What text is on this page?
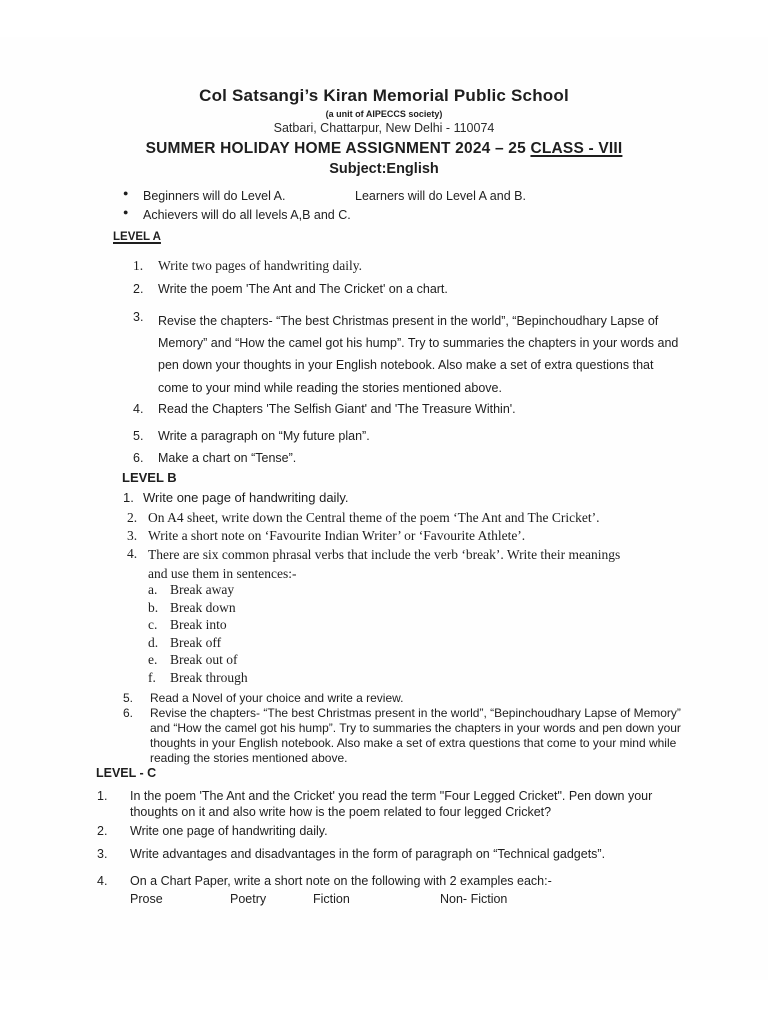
Col Satsangi’s Kiran Memorial Public School
(a unit of AIPECCS society)
Satbari, Chattarpur, New Delhi - 110074
SUMMER HOLIDAY HOME ASSIGNMENT 2024 – 25 CLASS - VIII
Subject:English
● Beginners will do Level A.	Learners will do Level A and B.
● Achievers will do all levels A,B and C.
LEVEL A
1. Write two pages of handwriting daily.
2. Write the poem 'The Ant and The Cricket' on a chart.
3. Revise the chapters- “The best Christmas present in the world”, “Bepinchoudhary Lapse of Memory” and “How the camel got his hump”. Try to summaries the chapters in your words and pen down your thoughts in your English notebook. Also make a set of extra questions that come to your mind while reading the stories mentioned above.
4. Read the Chapters 'The Selfish Giant' and 'The Treasure Within'.
5. Write a paragraph on “My future plan”.
6. Make a chart on “Tense”.
LEVEL B
1. Write one page of handwriting daily.
2. On A4 sheet, write down the Central theme of the poem ‘The Ant and The Cricket’.
3. Write a short note on ‘Favourite Indian Writer’ or ‘Favourite Athlete’.
4. There are six common phrasal verbs that include the verb ‘break’. Write their meanings and use them in sentences:-
a. Break away
b. Break down
c. Break into
d. Break off
e. Break out of
f. Break through
5. Read a Novel of your choice and write a review.
6. Revise the chapters- “The best Christmas present in the world”, “Bepinchoudhary Lapse of Memory” and “How the camel got his hump”. Try to summaries the chapters in your words and pen down your thoughts in your English notebook. Also make a set of extra questions that come to your mind while reading the stories mentioned above.
LEVEL - C
1. In the poem 'The Ant and the Cricket' you read the term "Four Legged Cricket". Pen down your thoughts on it and also write how is the poem related to four legged Cricket?
2. Write one page of handwriting daily.
3. Write advantages and disadvantages in the form of paragraph on “Technical gadgets”.
4. On a Chart Paper, write a short note on the following with 2 examples each:-
Prose	Poetry	Fiction	Non- Fiction
